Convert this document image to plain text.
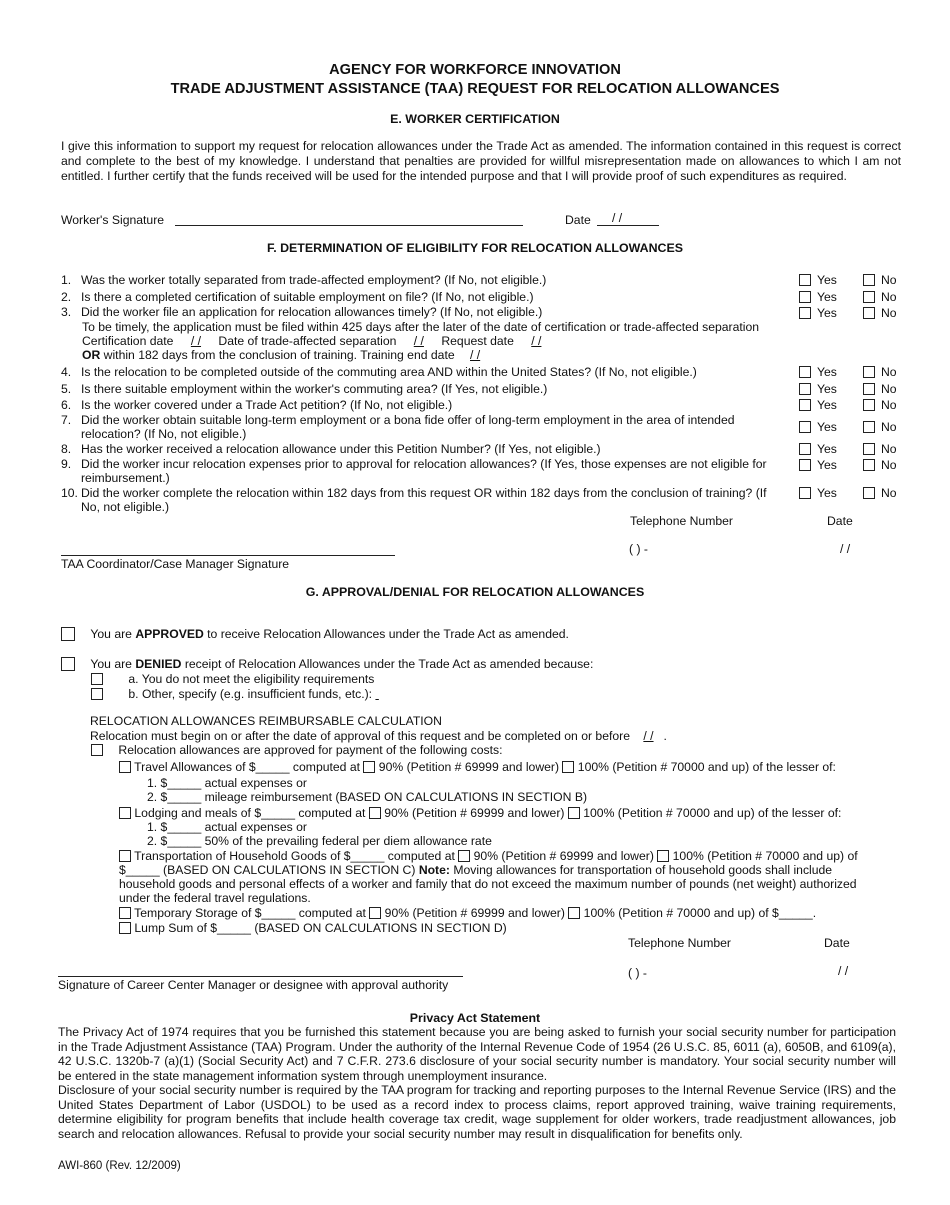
AGENCY FOR WORKFORCE INNOVATION
TRADE ADJUSTMENT ASSISTANCE (TAA) REQUEST FOR RELOCATION ALLOWANCES
E. WORKER CERTIFICATION
I give this information to support my request for relocation allowances under the Trade Act as amended. The information contained in this request is correct and complete to the best of my knowledge. I understand that penalties are provided for willful misrepresentation made on allowances to which I am not entitled. I further certify that the funds received will be used for the intended purpose and that I will provide proof of such expenditures as required.
Worker's Signature	Date / /
F. DETERMINATION OF ELIGIBILITY FOR RELOCATION ALLOWANCES
1. Was the worker totally separated from trade-affected employment? (If No, not eligible.)	Yes	No
2. Is there a completed certification of suitable employment on file? (If No, not eligible.)	Yes	No
3. Did the worker file an application for relocation allowances timely? (If No, not eligible.)	Yes	No
To be timely, the application must be filed within 425 days after the later of the date of certification or trade-affected separation
Certification date / / Date of trade-affected separation / / Request date / /
OR within 182 days from the conclusion of training. Training end date / /
4. Is the relocation to be completed outside of the commuting area AND within the United States? (If No, not eligible.)	Yes	No
5. Is there suitable employment within the worker's commuting area? (If Yes, not eligible.)	Yes	No
6. Is the worker covered under a Trade Act petition? (If No, not eligible.)	Yes	No
7. Did the worker obtain suitable long-term employment or a bona fide offer of long-term employment in the area of intended
relocation? (If No, not eligible.)	Yes	No
8. Has the worker received a relocation allowance under this Petition Number? (If Yes, not eligible.)	Yes	No
9. Did the worker incur relocation expenses prior to approval for relocation allowances? (If Yes, those expenses are not eligible for
reimbursement.)
Yes	No
10. Did the worker complete the relocation within 182 days from this request OR within 182 days from the conclusion of training? (If
No, not eligible.)
Yes	No
Telephone Number	Date
( ) -	/ /
TAA Coordinator/Case Manager Signature
G. APPROVAL/DENIAL FOR RELOCATION ALLOWANCES
You are APPROVED to receive Relocation Allowances under the Trade Act as amended.
You are DENIED receipt of Relocation Allowances under the Trade Act as amended because:
a. You do not meet the eligibility requirements
b. Other, specify (e.g. insufficient funds, etc.):
RELOCATION ALLOWANCES REIMBURSABLE CALCULATION
Relocation must begin on or after the date of approval of this request and be completed on or before / / .
Relocation allowances are approved for payment of the following costs:
Travel Allowances of $_____ computed at 90% (Petition # 69999 and lower) 100% (Petition # 70000 and up) of the lesser of:
1. $_____ actual expenses or
2. $_____ mileage reimbursement (BASED ON CALCULATIONS IN SECTION B)
Lodging and meals of $_____ computed at 90% (Petition # 69999 and lower) 100% (Petition # 70000 and up) of the lesser of:
1. $_____ actual expenses or
2. $_____ 50% of the prevailing federal per diem allowance rate
Transportation of Household Goods of $_____ computed at 90% (Petition # 69999 and lower) 100% (Petition # 70000 and up) of
$_____ (BASED ON CALCULATIONS IN SECTION C) Note: Moving allowances for transportation of household goods shall include
household goods and personal effects of a worker and family that do not exceed the maximum number of pounds (net weight) authorized
under the federal travel regulations.
Temporary Storage of $_____ computed at 90% (Petition # 69999 and lower) 100% (Petition # 70000 and up) of $_____.
Lump Sum of $_____ (BASED ON CALCULATIONS IN SECTION D)
Telephone Number	Date
( ) -	/ /
Signature of Career Center Manager or designee with approval authority
Privacy Act Statement
The Privacy Act of 1974 requires that you be furnished this statement because you are being asked to furnish your social security number for participation in the Trade Adjustment Assistance (TAA) Program. Under the authority of the Internal Revenue Code of 1954 (26 U.S.C. 85, 6011 (a), 6050B, and 6109(a), 42 U.S.C. 1320b-7 (a)(1) (Social Security Act) and 7 C.F.R. 273.6 disclosure of your social security number is mandatory. Your social security number will be entered in the state management information system through unemployment insurance.
Disclosure of your social security number is required by the TAA program for tracking and reporting purposes to the Internal Revenue Service (IRS) and the United States Department of Labor (USDOL) to be used as a record index to process claims, report approved training, waive training requirements, determine eligibility for program benefits that include health coverage tax credit, wage supplement for older workers, trade readjustment allowances, job search and relocation allowances. Refusal to provide your social security number may result in disqualification for benefits only.
AWI-860 (Rev. 12/2009)
